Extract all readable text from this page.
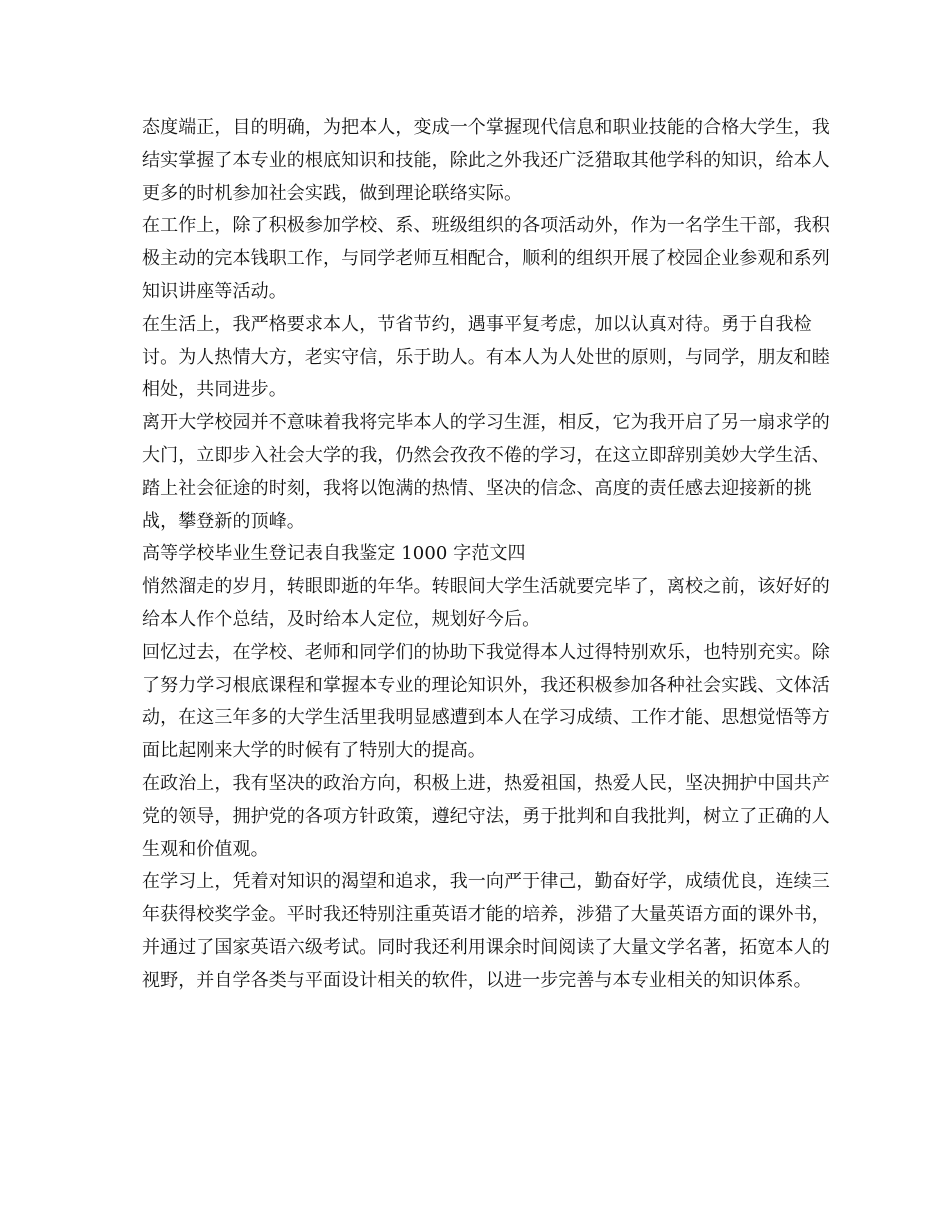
态度端正，目的明确，为把本人，变成一个掌握现代信息和职业技能的合格大学生，我结实掌握了本专业的根底知识和技能，除此之外我还广泛猎取其他学科的知识，给本人更多的时机参加社会实践，做到理论联络实际。

在工作上，除了积极参加学校、系、班级组织的各项活动外，作为一名学生干部，我积极主动的完本钱职工作，与同学老师互相配合，顺利的组织开展了校园企业参观和系列知识讲座等活动。

在生活上，我严格要求本人，节省节约，遇事平复考虑，加以认真对待。勇于自我检讨。为人热情大方，老实守信，乐于助人。有本人为人处世的原则，与同学，朋友和睦相处，共同进步。

离开大学校园并不意味着我将完毕本人的学习生涯，相反，它为我开启了另一扇求学的大门，立即步入社会大学的我，仍然会孜孜不倦的学习，在这立即辞别美妙大学生活、踏上社会征途的时刻，我将以饱满的热情、坚决的信念、高度的责任感去迎接新的挑战，攀登新的顶峰。

高等学校毕业生登记表自我鉴定 1000 字范文四

悄然溜走的岁月，转眼即逝的年华。转眼间大学生活就要完毕了，离校之前，该好好的给本人作个总结，及时给本人定位，规划好今后。

回忆过去，在学校、老师和同学们的协助下我觉得本人过得特别欢乐，也特别充实。除了努力学习根底课程和掌握本专业的理论知识外，我还积极参加各种社会实践、文体活动，在这三年多的大学生活里我明显感遭到本人在学习成绩、工作才能、思想觉悟等方面比起刚来大学的时候有了特别大的提高。

在政治上，我有坚决的政治方向，积极上进，热爱祖国，热爱人民，坚决拥护中国共产党的领导，拥护党的各项方针政策，遵纪守法，勇于批判和自我批判，树立了正确的人生观和价值观。

在学习上，凭着对知识的渴望和追求，我一向严于律己，勤奋好学，成绩优良，连续三年获得校奖学金。平时我还特别注重英语才能的培养，涉猎了大量英语方面的课外书，并通过了国家英语六级考试。同时我还利用课余时间阅读了大量文学名著，拓宽本人的视野，并自学各类与平面设计相关的软件，以进一步完善与本专业相关的知识体系。
